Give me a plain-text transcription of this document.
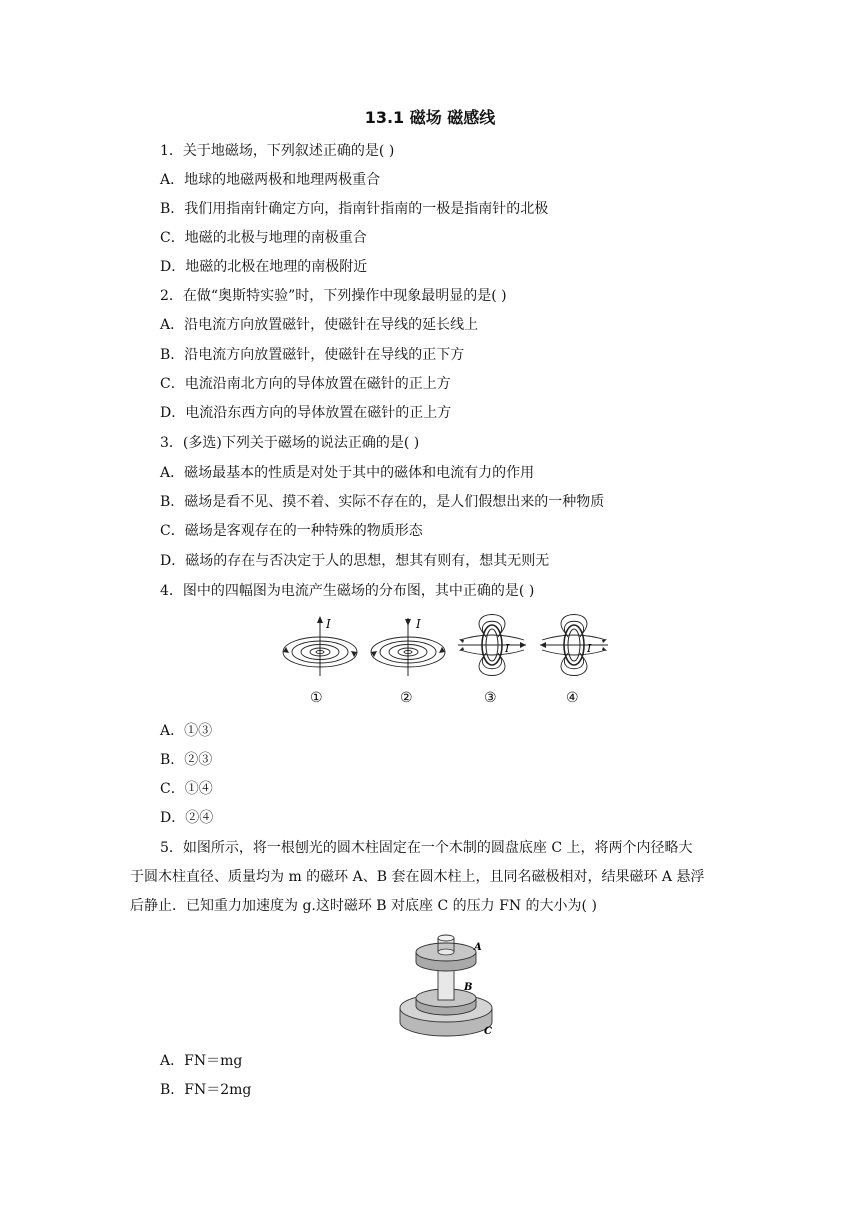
13.1 磁场 磁感线
1．关于地磁场，下列叙述正确的是( )
A．地球的地磁两极和地理两极重合
B．我们用指南针确定方向，指南针指南的一极是指南针的北极
C．地磁的北极与地理的南极重合
D．地磁的北极在地理的南极附近
2．在做“奥斯特实验”时，下列操作中现象最明显的是( )
A．沿电流方向放置磁针，使磁针在导线的延长线上
B．沿电流方向放置磁针，使磁针在导线的正下方
C．电流沿南北方向的导体放置在磁针的正上方
D．电流沿东西方向的导体放置在磁针的正上方
3．(多选)下列关于磁场的说法正确的是( )
A．磁场最基本的性质是对处于其中的磁体和电流有力的作用
B．磁场是看不见、摸不着、实际不存在的，是人们假想出来的一种物质
C．磁场是客观存在的一种特殊的物质形态
D．磁场的存在与否决定于人的思想，想其有则有，想其无则无
4．图中的四幅图为电流产生磁场的分布图，其中正确的是( )
I	I
I	I
①	②	③	④
A．①③
B．②③
C．①④
D．②④
5．如图所示，将一根刨光的圆木柱固定在一个木制的圆盘底座 C 上，将两个内径略大
于圆木柱直径、质量均为 m 的磁环 A、B 套在圆木柱上，且同名磁极相对，结果磁环 A 悬浮
后静止．已知重力加速度为 g.这时磁环 B 对底座 C 的压力 FN 的大小为( )
A
B
C
A．FN＝mg
B．FN＝2mg
